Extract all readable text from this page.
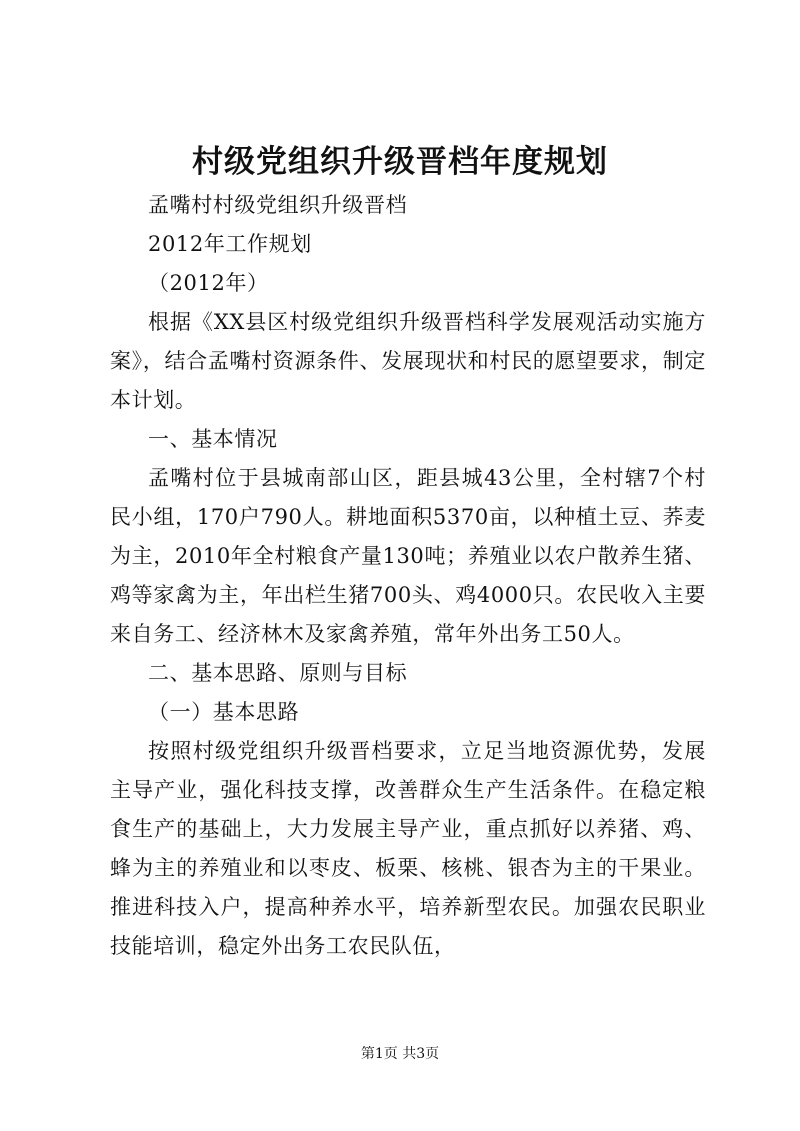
村级党组织升级晋档年度规划

孟嘴村村级党组织升级晋档

2012年工作规划

（2012年）

根据《XX县区村级党组织升级晋档科学发展观活动实施方案》，结合孟嘴村资源条件、发展现状和村民的愿望要求，制定本计划。

一、基本情况

孟嘴村位于县城南部山区，距县城43公里，全村辖7个村民小组，170户790人。耕地面积5370亩，以种植土豆、荞麦为主，2010年全村粮食产量130吨；养殖业以农户散养生猪、鸡等家禽为主，年出栏生猪700头、鸡4000只。农民收入主要来自务工、经济林木及家禽养殖，常年外出务工50人。

二、基本思路、原则与目标

（一）基本思路

按照村级党组织升级晋档要求，立足当地资源优势，发展主导产业，强化科技支撑，改善群众生产生活条件。在稳定粮食生产的基础上，大力发展主导产业，重点抓好以养猪、鸡、蜂为主的养殖业和以枣皮、板栗、核桃、银杏为主的干果业。推进科技入户，提高种养水平，培养新型农民。加强农民职业技能培训，稳定外出务工农民队伍，

第1页 共3页
